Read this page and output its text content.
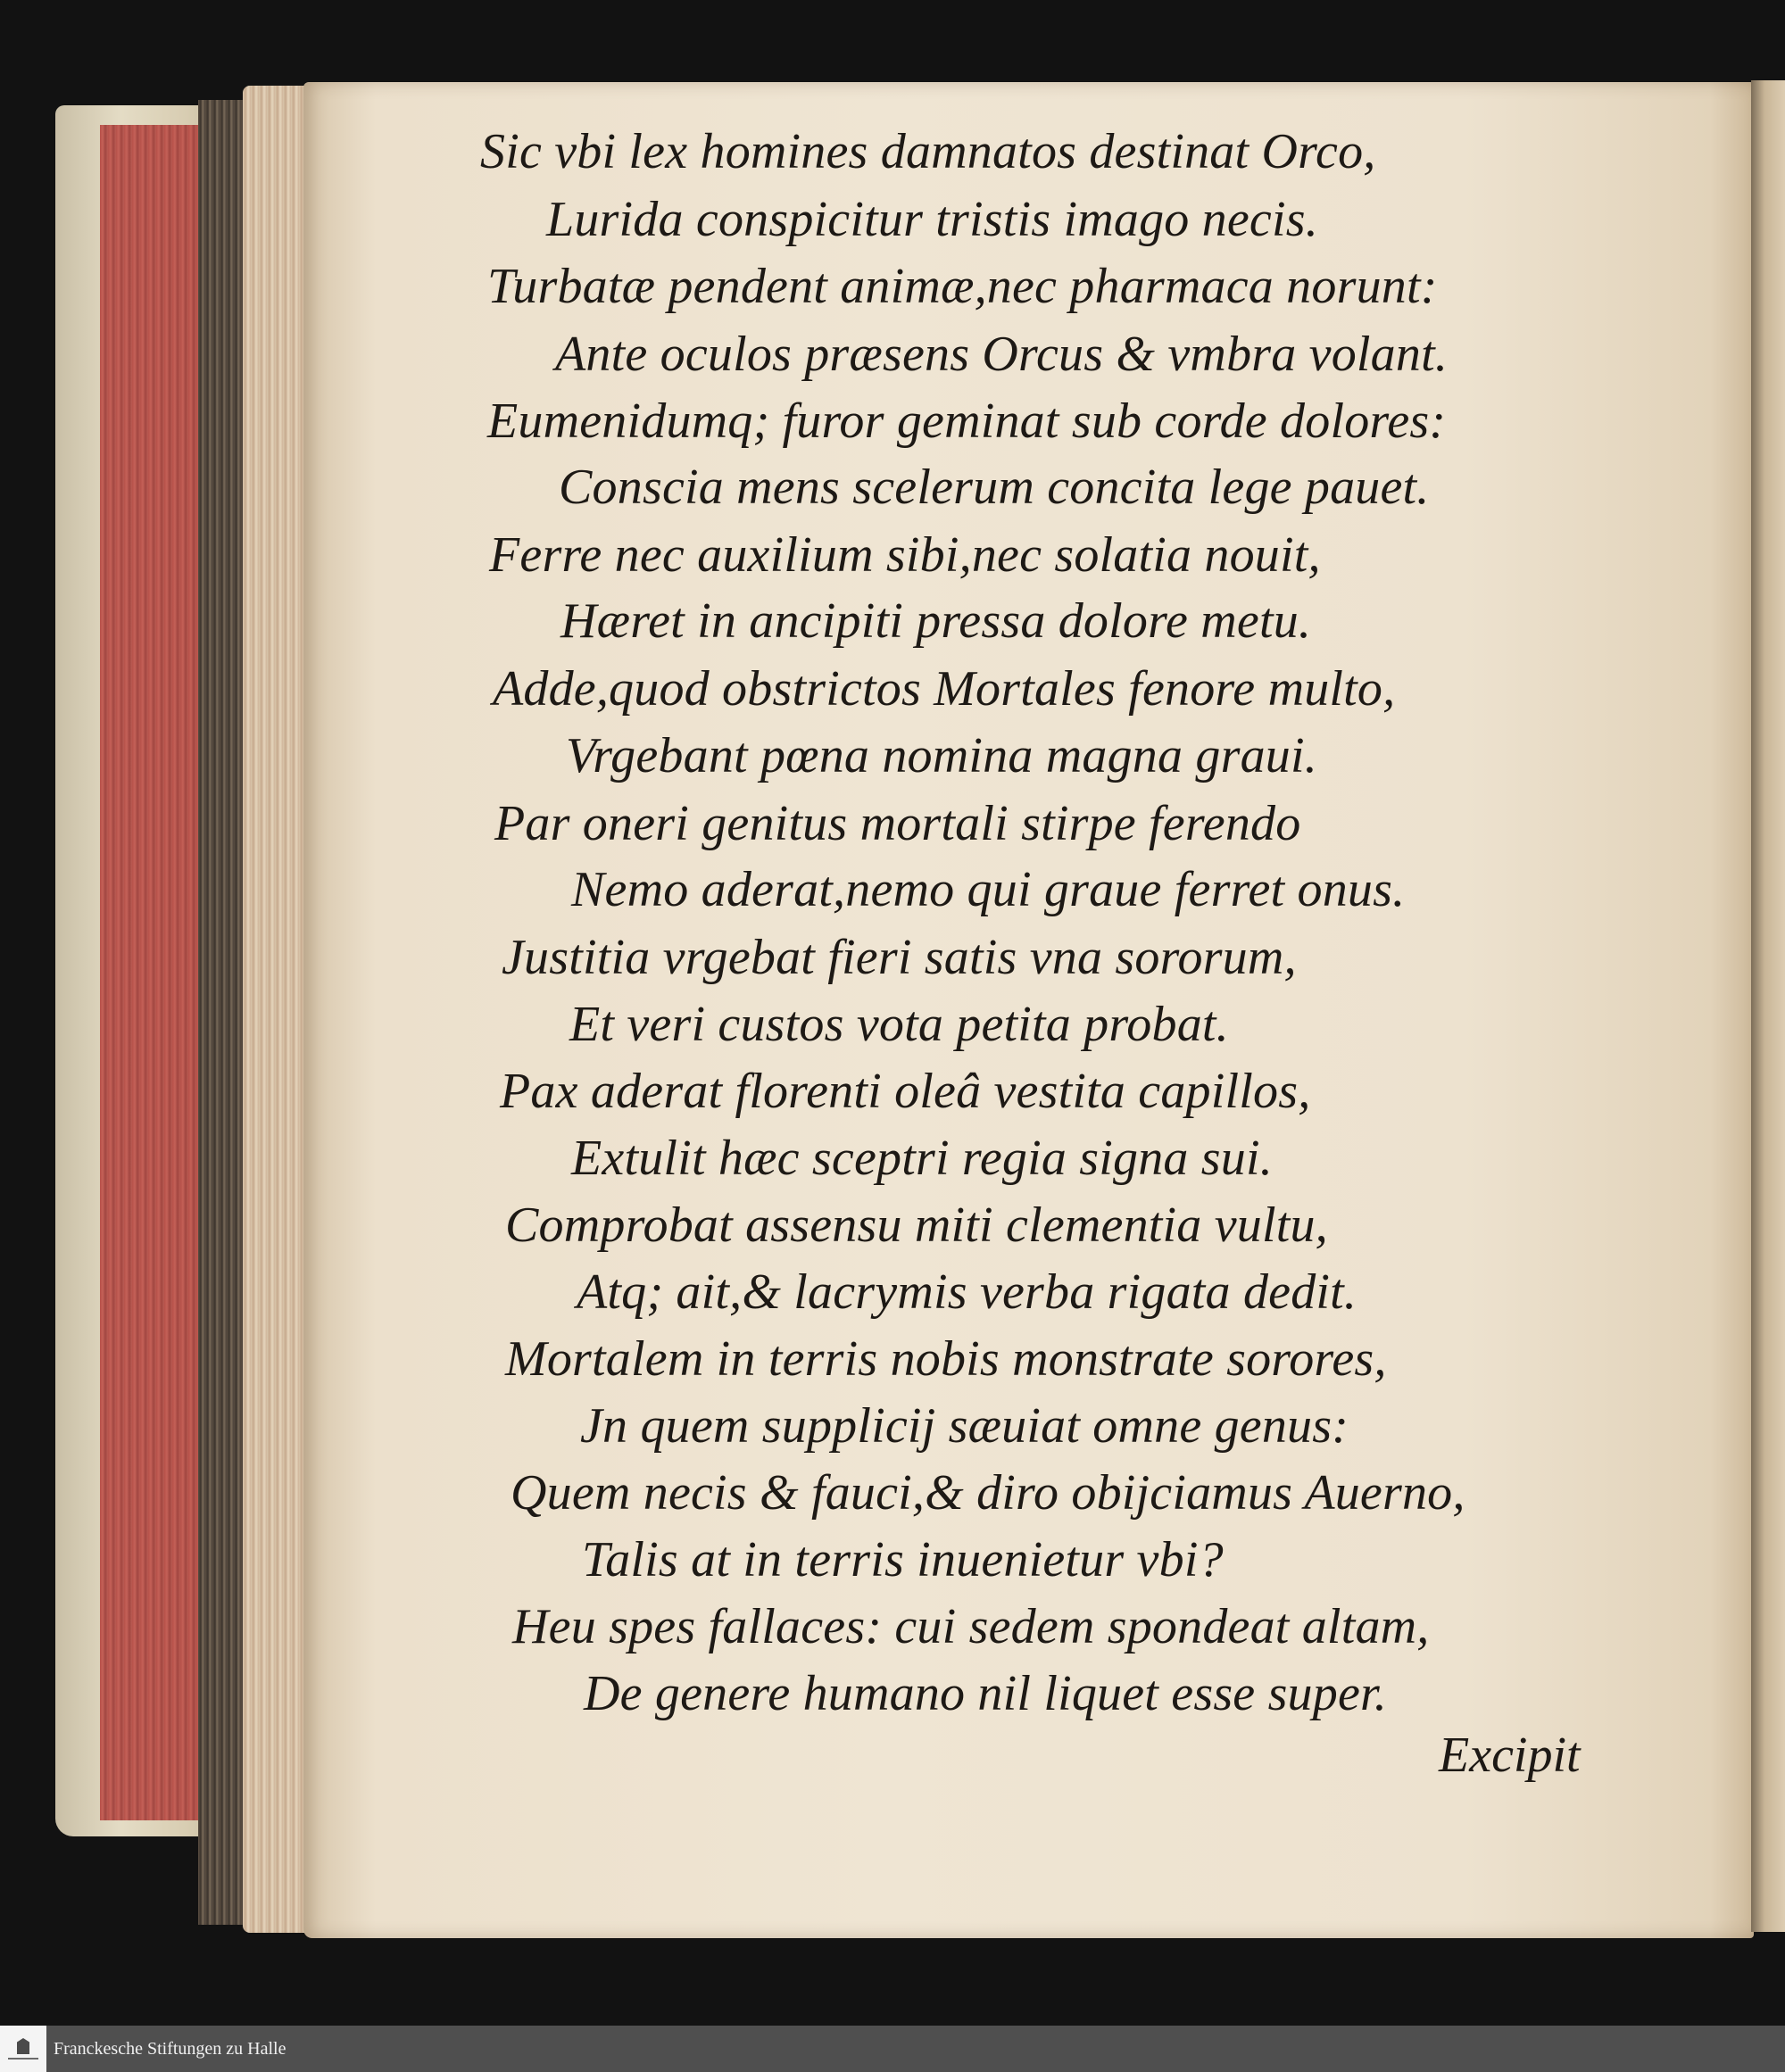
Sic vbi lex homines damnatos destinat Orco,
Lurida conspicitur tristis imago necis.
Turbatæ pendent animæ,nec pharmaca norunt:
Ante oculos præsens Orcus & vmbra volant.
Eumenidumq; furor geminat sub corde dolores:
Conscia mens scelerum concita lege pauet.
Ferre nec auxilium sibi,nec solatia nouit,
Hæret in ancipiti pressa dolore metu.
Adde,quod obstrictos Mortales fenore multo,
Vrgebant pœna nomina magna graui.
Par oneri genitus mortali stirpe ferendo
Nemo aderat,nemo qui graue ferret onus.
Justitia vrgebat fieri satis vna sororum,
Et veri custos vota petita probat.
Pax aderat florenti oleâ vestita capillos,
Extulit hæc sceptri regia signa sui.
Comprobat assensu miti clementia vultu,
Atq; ait,& lacrymis verba rigata dedit.
Mortalem in terris nobis monstrate sorores,
Jn quem supplicij sæuiat omne genus:
Quem necis & fauci,& diro obijciamus Auerno,
Talis at in terris inuenietur vbi?
Heu spes fallaces: cui sedem spondeat altam,
De genere humano nil liquet esse super.
Excipit
Franckesche Stiftungen zu Halle
